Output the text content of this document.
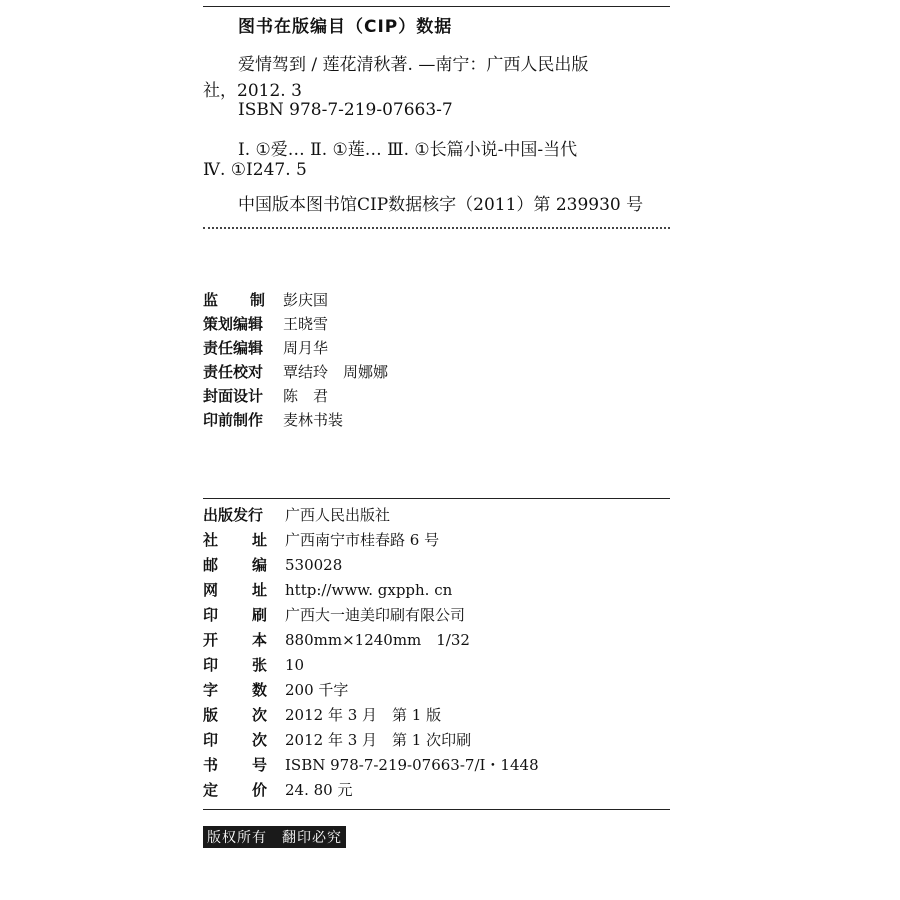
图书在版编目（CIP）数据
爱情驾到 / 莲花清秋著. —南宁：广西人民出版
社，2012. 3
ISBN 978-7-219-07663-7
Ⅰ. ①爱… Ⅱ. ①莲… Ⅲ. ①长篇小说-中国-当代
Ⅳ. ①I247. 5
中国版本图书馆CIP数据核字（2011）第 239930 号
监 制 彭庆国
策划编辑	王晓雪
责任编辑	周月华
责任校对	覃结玲　周娜娜
封面设计	陈　君
印前制作	麦林书装
出版发行 广西人民出版社
社 址 广西南宁市桂春路 6 号
邮 编 530028
网 址 http://www. gxpph. cn
印 刷 广西大一迪美印刷有限公司
开 本 880mm×1240mm　1/32
印 张 10
字 数 200 千字
版 次 2012 年 3 月　第 1 版
印 次 2012 年 3 月　第 1 次印刷
书 号 ISBN 978-7-219-07663-7/I・1448
定 价 24. 80 元
版权所有　翻印必究
